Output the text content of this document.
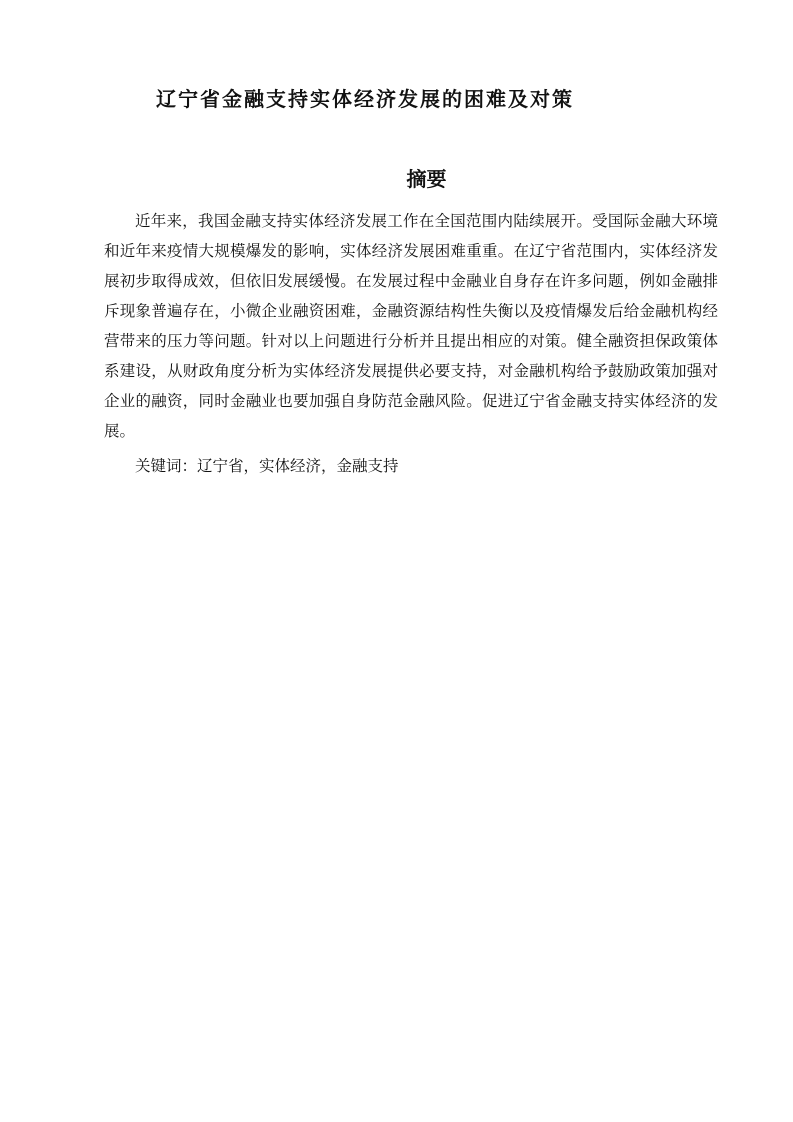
辽宁省金融支持实体经济发展的困难及对策
摘要

近年来，我国金融支持实体经济发展工作在全国范围内陆续展开。受国际金融大环境和近年来疫情大规模爆发的影响，实体经济发展困难重重。在辽宁省范围内，实体经济发展初步取得成效，但依旧发展缓慢。在发展过程中金融业自身存在许多问题，例如金融排斥现象普遍存在，小微企业融资困难，金融资源结构性失衡以及疫情爆发后给金融机构经营带来的压力等问题。针对以上问题进行分析并且提出相应的对策。健全融资担保政策体系建设，从财政角度分析为实体经济发展提供必要支持，对金融机构给予鼓励政策加强对企业的融资，同时金融业也要加强自身防范金融风险。促进辽宁省金融支持实体经济的发展。

关键词：辽宁省，实体经济，金融支持
